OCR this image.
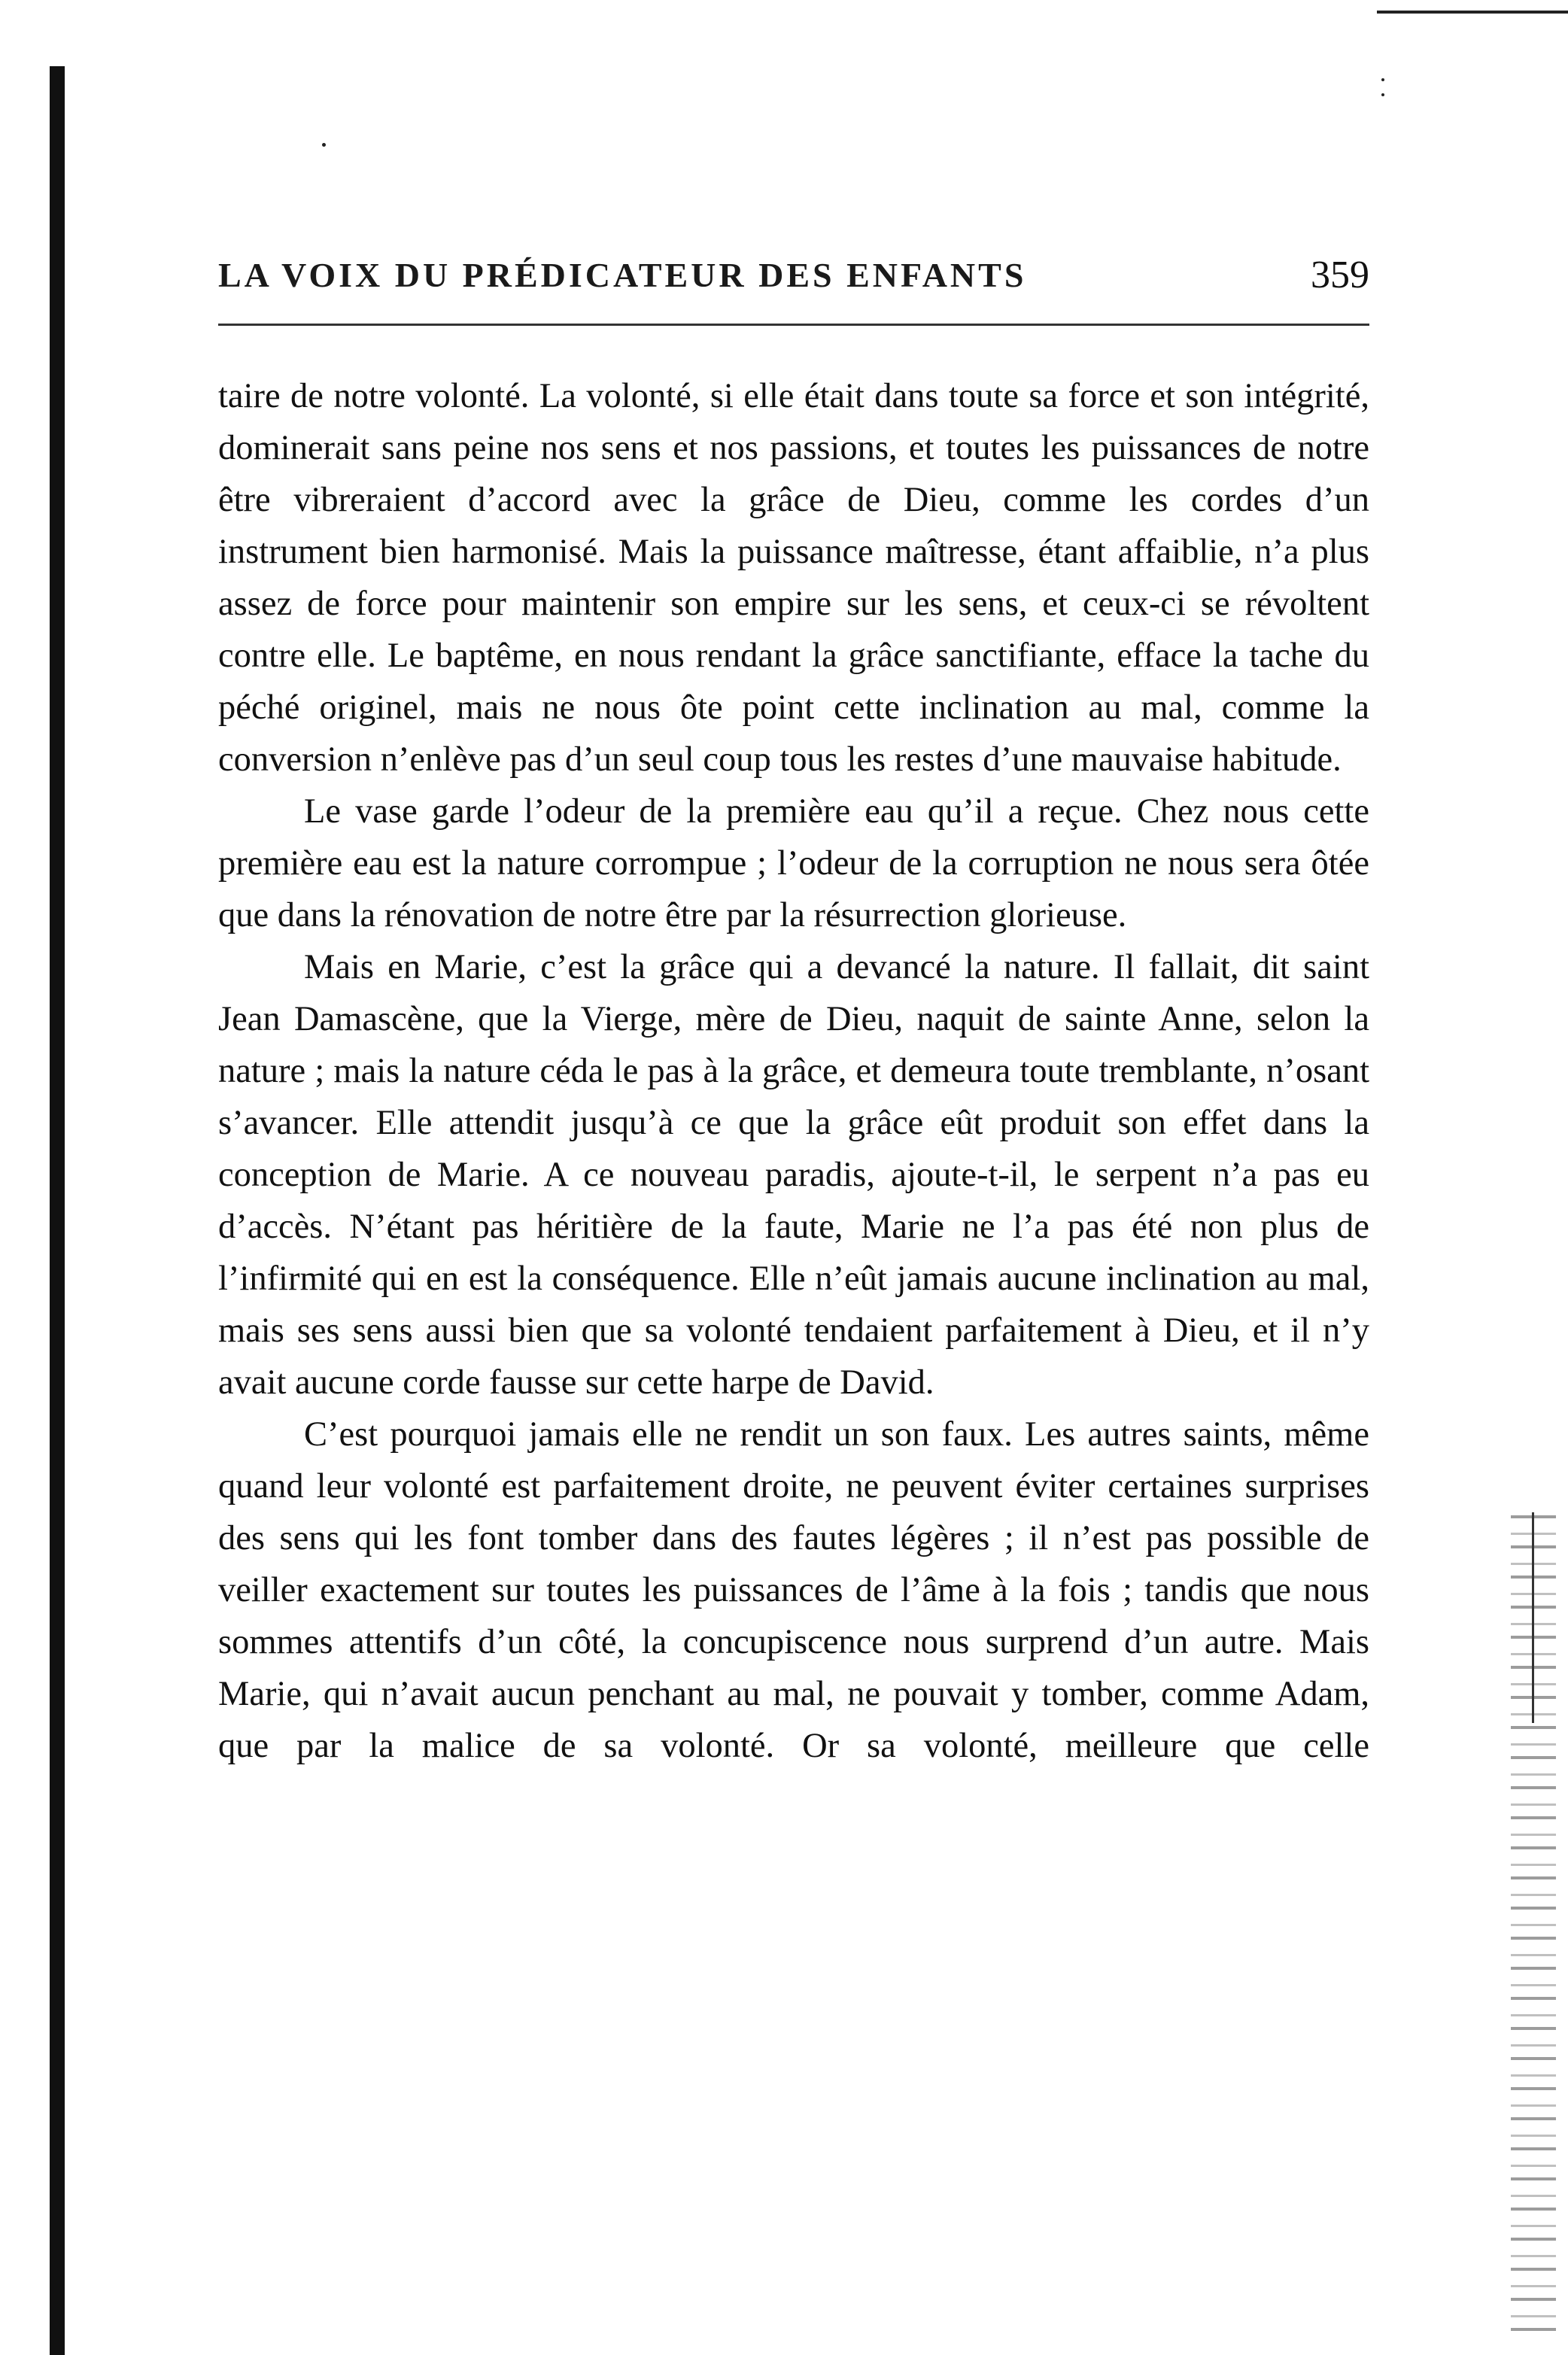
LA VOIX DU PRÉDICATEUR DES ENFANTS	359

taire de notre volonté. La volonté, si elle était dans toute sa force et son intégrité, dominerait sans peine nos sens et nos passions, et toutes les puissances de notre être vibreraient d’accord avec la grâce de Dieu, comme les cordes d’un instrument bien harmonisé. Mais la puissance maîtresse, étant affaiblie, n’a plus assez de force pour maintenir son empire sur les sens, et ceux-ci se révoltent contre elle. Le baptême, en nous rendant la grâce sanctifiante, efface la tache du péché originel, mais ne nous ôte point cette inclination au mal, comme la conversion n’enlève pas d’un seul coup tous les restes d’une mauvaise habitude.

Le vase garde l’odeur de la première eau qu’il a reçue. Chez nous cette première eau est la nature corrompue ; l’odeur de la corruption ne nous sera ôtée que dans la rénovation de notre être par la résurrection glorieuse.

Mais en Marie, c’est la grâce qui a devancé la nature. Il fallait, dit saint Jean Damascène, que la Vierge, mère de Dieu, naquit de sainte Anne, selon la nature ; mais la nature céda le pas à la grâce, et demeura toute tremblante, n’osant s’avancer. Elle attendit jusqu’à ce que la grâce eût produit son effet dans la conception de Marie. A ce nouveau paradis, ajoute-t-il, le serpent n’a pas eu d’accès. N’étant pas héritière de la faute, Marie ne l’a pas été non plus de l’infirmité qui en est la conséquence. Elle n’eût jamais aucune inclination au mal, mais ses sens aussi bien que sa volonté tendaient parfaitement à Dieu, et il n’y avait aucune corde fausse sur cette harpe de David.

C’est pourquoi jamais elle ne rendit un son faux. Les autres saints, même quand leur volonté est parfaitement droite, ne peuvent éviter certaines surprises des sens qui les font tomber dans des fautes légères ; il n’est pas possible de veiller exactement sur toutes les puissances de l’âme à la fois ; tandis que nous sommes attentifs d’un côté, la concupiscence nous surprend d’un autre. Mais Marie, qui n’avait aucun penchant au mal, ne pouvait y tomber, comme Adam, que par la malice de sa volonté. Or sa volonté, meilleure que celle
